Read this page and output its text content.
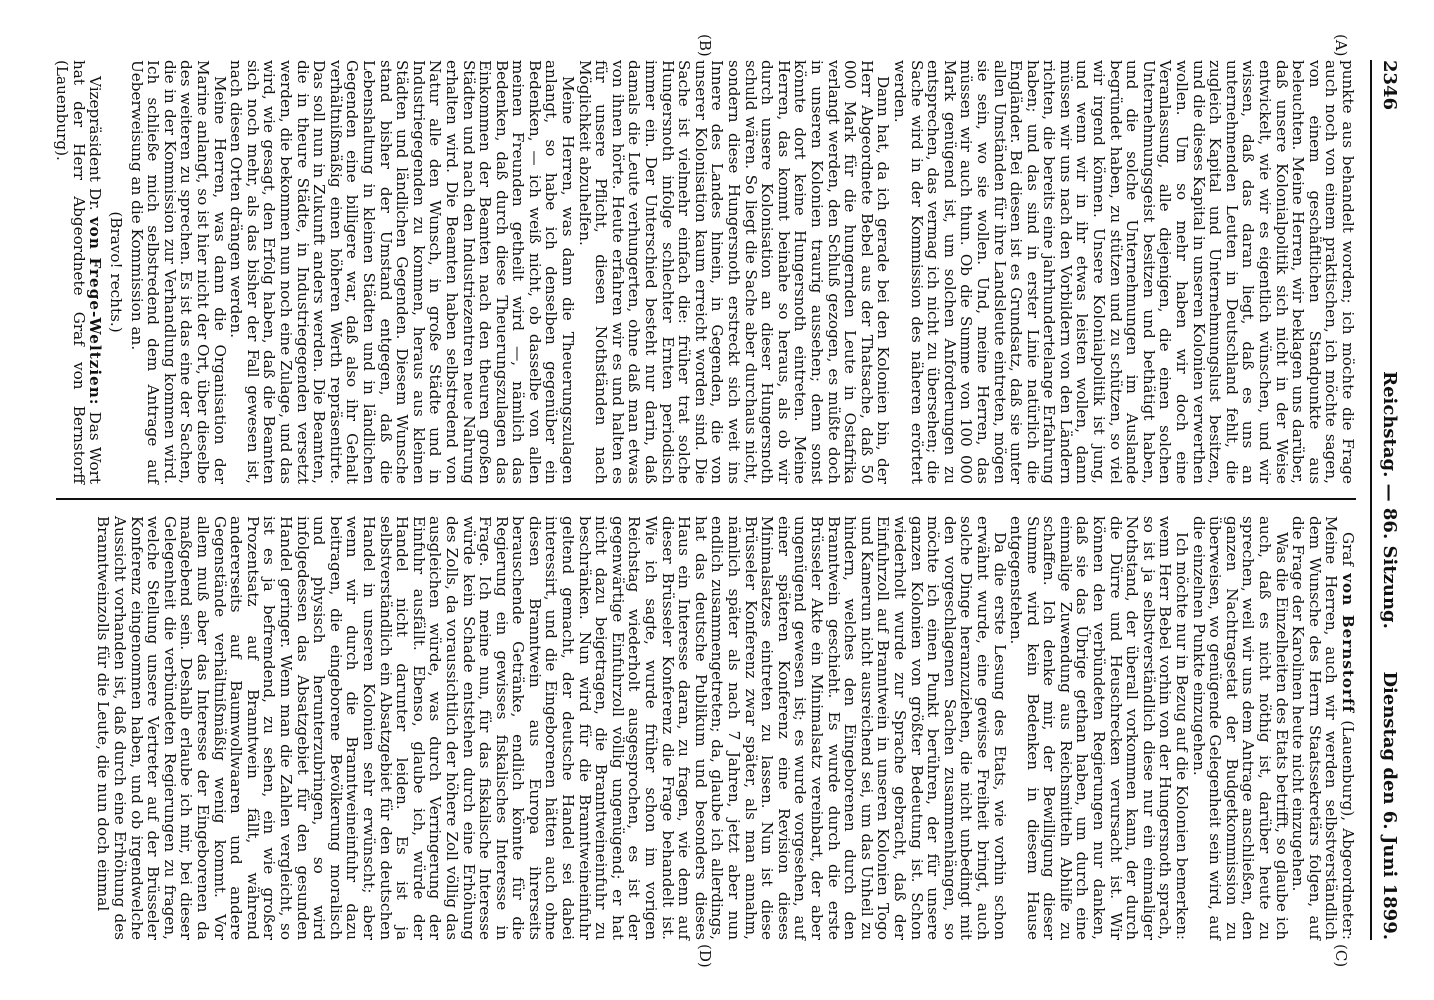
2346
Reichstag. — 86. Sitzung.
Dienstag den 6. Juni 1899.
(A)
(B)
(C)
(D)

punkte aus behandelt worden; ich möchte die Frage auch noch von einem praktischen, ich möchte sagen, von einem geschäftlichen Standpunkte aus beleuchten. Meine Herren, wir beklagen uns darüber, daß unsere Kolonialpolitik sich nicht in der Weise entwickelt, wie wir es eigentlich wünschen, und wir wissen, daß das daran liegt, daß es uns an unternehmenden Leuten in Deutschland fehlt, die zugleich Kapital und Unternehmungslust besitzen, und die dieses Kapital in unseren Kolonien verwerthen wollen. Um so mehr haben wir doch eine Veranlassung, alle diejenigen, die einen solchen Unternehmungsgeist besitzen und bethätigt haben, und die solche Unternehmungen im Auslande begründet haben, zu stützen und zu schützen, so viel wir irgend können. Unsere Kolonialpolitik ist jung, und wenn wir in ihr etwas leisten wollen, dann müssen wir uns nach den Vorbildern von den Ländern richten, die bereits eine jahrhundertelange Erfahrung haben; und das sind in erster Linie natürlich die Engländer. Bei diesen ist es Grundsatz, daß sie unter allen Umständen für ihre Landsleute eintreten, mögen sie sein, wo sie wollen. Und, meine Herren, das müssen wir auch thun. Ob die Summe von 100 000 Mark genügend ist, um solchen Anforderungen zu entsprechen, das vermag ich nicht zu übersehen; die Sache wird in der Kommission des näheren erörtert werden.

Dann hat, da ich gerade bei den Kolonien bin, der Herr Abgeordnete Bebel aus der Thatsache, daß 50 000 Mark für die hungernden Leute in Ostafrika verlangt werden, den Schluß gezogen, es müßte doch in unseren Kolonien traurig aussehen; denn sonst könnte dort keine Hungersnoth eintreten. Meine Herren, das kommt beinahe so heraus, als ob wir durch unsere Kolonisation an dieser Hungersnoth schuld wären. So liegt die Sache aber durchaus nicht, sondern diese Hungersnoth erstreckt sich weit ins Innere des Landes hinein, in Gegenden, die von unserer Kolonisation kaum erreicht worden sind. Die Sache ist vielmehr einfach die: früher trat solche Hungersnoth infolge schlechter Ernten periodisch immer ein. Der Unterschied besteht nur darin, daß damals die Leute verhungerten, ohne daß man etwas von ihnen hörte. Heute erfahren wir es und halten es für unsere Pflicht, diesen Nothständen nach Möglichkeit abzuhelfen.

Meine Herren, was dann die Theuerungszulagen anlangt, so habe ich denselben gegenüber ein Bedenken, — ich weiß nicht, ob dasselbe von allen meinen Freunden getheilt wird —, nämlich das Bedenken, daß durch diese Theuerungszulagen das Einkommen der Beamten nach den theuren großen Städten und nach den Industriezentren neue Nahrung erhalten wird. Die Beamten haben selbstredend von Natur alle den Wunsch, in große Städte und in Industriegegenden zu kommen, heraus aus kleinen Städten und ländlichen Gegenden. Diesem Wunsche stand bisher der Umstand entgegen, daß die Lebenshaltung in kleinen Städten und in ländlichen Gegenden eine billigere war, daß also ihr Gehalt verhältnißmäßig einen höheren Werth repräsentirte. Das soll nun in Zukunft anders werden. Die Beamten, die in theure Städte, in Industriegegenden versetzt werden, die bekommen nun noch eine Zulage, und das wird, wie gesagt, den Erfolg haben, daß die Beamten sich noch mehr, als das bisher der Fall gewesen ist, nach diesen Orten drängen werden.

Meine Herren, was dann die Organisation der Marine anlangt, so ist hier nicht der Ort, über dieselbe des weiteren zu sprechen. Es ist das eine der Sachen, die in der Kommission zur Verhandlung kommen wird. Ich schließe mich selbstredend dem Antrage auf Ueberweisung an die Kommission an.

(Bravo! rechts.)

Vizepräsident Dr. von Frege-Weltzien: Das Wort hat der Herr Abgeordnete Graf von Bernstorff (Lauenburg).

Graf von Bernstorff (Lauenburg), Abgeordneter: Meine Herren, auch wir werden selbstverständlich dem Wunsche des Herrn Staatssekretärs folgen, auf die Frage der Karolinen heute nicht einzugehen.

Was die Einzelheiten des Etats betrifft, so glaube ich auch, daß es nicht nöthig ist, darüber heute zu sprechen, weil wir uns dem Antrage anschließen, den ganzen Nachtragsetat der Budgetkommission zu überweisen, wo genügende Gelegenheit sein wird, auf die einzelnen Punkte einzugehen.

Ich möchte nur in Bezug auf die Kolonien bemerken: wenn Herr Bebel vorhin von der Hungersnoth sprach, so ist ja selbstverständlich diese nur ein einmaliger Nothstand, der überall vorkommen kann, der durch die Dürre und Heuschrecken verursacht ist. Wir können den verbündeten Regierungen nur danken, daß sie das Übrige gethan haben, um durch eine einmalige Zuwendung aus Reichsmitteln Abhilfe zu schaffen. Ich denke mir, der Bewilligung dieser Summe wird kein Bedenken in diesem Hause entgegenstehen.

Da die erste Lesung des Etats, wie vorhin schon erwähnt wurde, eine gewisse Freiheit bringt, auch solche Dinge heranzuziehen, die nicht unbedingt mit den vorgeschlagenen Sachen zusammenhängen, so möchte ich einen Punkt berühren, der für unsere ganzen Kolonien von größter Bedeutung ist. Schon wiederholt wurde zur Sprache gebracht, daß der Einfuhrzoll auf Branntwein in unseren Kolonien Togo und Kamerun nicht ausreichend sei, um das Unheil zu hindern, welches den Eingeborenen durch den Branntwein geschieht. Es wurde durch die erste Brüsseler Akte ein Minimalsatz vereinbart, der aber ungenügend gewesen ist; es wurde vorgesehen, auf einer späteren Konferenz eine Revision dieses Minimalsatzes eintreten zu lassen. Nun ist diese Brüsseler Konferenz zwar später, als man annahm, nämlich später als nach 7 Jahren, jetzt aber nun endlich zusammengetreten; da, glaube ich allerdings, hat das deutsche Publikum und besonders dieses Haus ein Interesse daran, zu fragen, wie denn auf dieser Brüsseler Konferenz die Frage behandelt ist. Wie ich sagte, wurde früher schon im vorigen Reichstag wiederholt ausgesprochen, es ist der gegenwärtige Einfuhrzoll völlig ungenügend; er hat nicht dazu beigetragen, die Branntweineinfuhr zu beschränken. Nun wird für die Branntweineinfuhr geltend gemacht, der deutsche Handel sei dabei interessirt, und die Eingeborenen hätten auch ohne diesen Branntwein aus Europa ihrerseits berauschende Getränke, endlich könnte für die Regierung ein gewisses fiskalisches Interesse in Frage. Ich meine nun, für das fiskalische Interesse würde kein Schade entstehen durch eine Erhöhung des Zolls, da voraussichtlich der höhere Zoll völlig das ausgleichen würde, was durch Verringerung der Einfuhr ausfällt. Ebenso, glaube ich, würde der Handel nicht darunter leiden. Es ist ja selbstverständlich ein Absatzgebiet für den deutschen Handel in unseren Kolonien sehr erwünscht; aber wenn wir durch die Branntweineinfuhr dazu beitragen, die eingeborene Bevölkerung moralisch und physisch herunterzubringen, so wird infolgedessen das Absatzgebiet für den gesunden Handel geringer. Wenn man die Zahlen vergleicht, so ist es ja befremdend, zu sehen, ein wie großer Prozentsatz auf Branntwein fällt, während andererseits auf Baumwollwaaren und andere Gegenstände verhältnißmäßig wenig kommt. Vor allem muß aber das Interesse der Eingeborenen da maßgebend sein. Deshalb erlaube ich mir, bei dieser Gelegenheit die verbündeten Regierungen zu fragen, welche Stellung unsere Vertreter auf der Brüsseler Konferenz eingenommen haben, und ob irgendwelche Aussicht vorhanden ist, daß durch eine Erhöhung des Branntweinzolls für die Leute, die nun doch einmal
